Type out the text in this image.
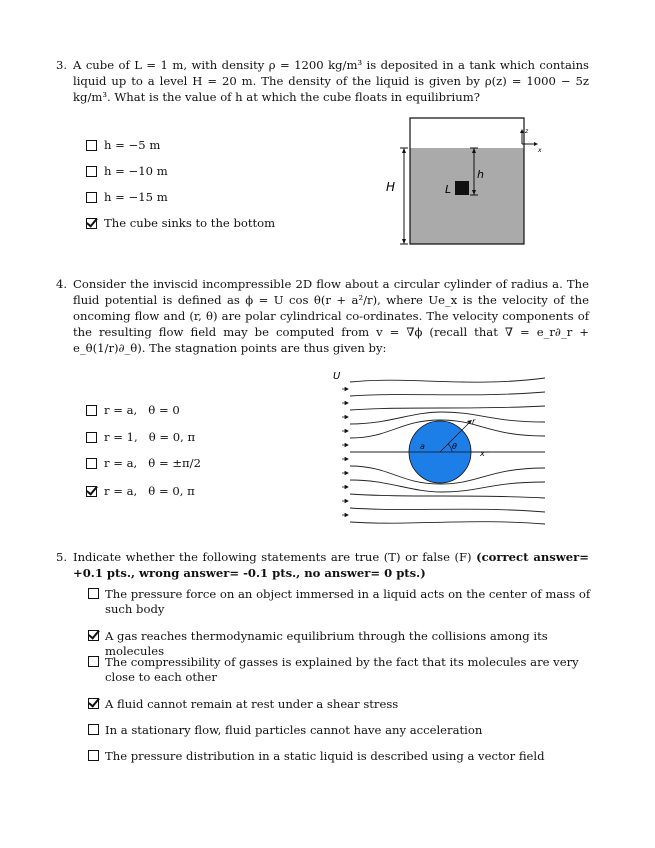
3. A cube of L = 1 m, with density ρ = 1200 kg/m³ is deposited in a tank which contains liquid up to a level H = 20 m. The density of the liquid is given by ρ(z) = 1000 − 5z kg/m³. What is the value of h at which the cube floats in equilibrium?
h = −5 m
h = −10 m
h = −15 m
The cube sinks to the bottom
H	L
h
z
x
4. Consider the inviscid incompressible 2D flow about a circular cylinder of radius a. The fluid potential is defined as ϕ = U cos θ(r + a²/r), where Ue_x is the velocity of the oncoming flow and (r, θ) are polar cylindrical co-ordinates. The velocity components of the resulting flow field may be computed from v = ∇ϕ (recall that ∇ = e_r∂_r + e_θ(1/r)∂_θ). The stagnation points are thus given by:
r = a,   θ = 0
r = 1,   θ = 0, π
r = a,   θ = ±π/2
r = a,   θ = 0, π
U
a	θ
r
x
5. Indicate whether the following statements are true (T) or false (F) (correct answer= +0.1 pts., wrong answer= -0.1 pts., no answer= 0 pts.)
The pressure force on an object immersed in a liquid acts on the center of mass of such body
A gas reaches thermodynamic equilibrium through the collisions among its molecules
The compressibility of gasses is explained by the fact that its molecules are very close to each other
A fluid cannot remain at rest under a shear stress
In a stationary flow, fluid particles cannot have any acceleration
The pressure distribution in a static liquid is described using a vector field
